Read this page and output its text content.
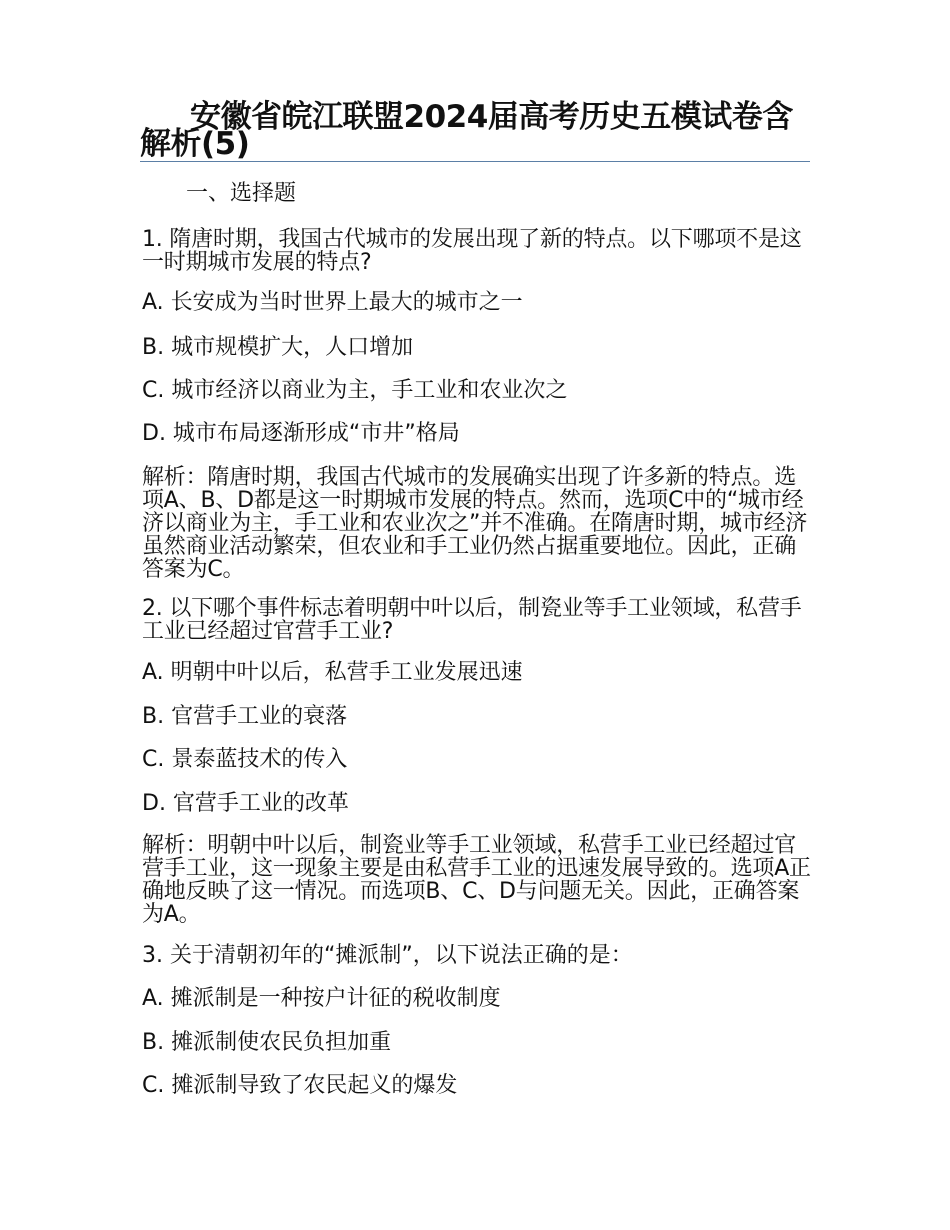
安徽省皖江联盟2024届高考历史五模试卷含解析(5)
一、选择题
1. 隋唐时期，我国古代城市的发展出现了新的特点。以下哪项不是这一时期城市发展的特点?
A. 长安成为当时世界上最大的城市之一
B. 城市规模扩大，人口增加
C. 城市经济以商业为主，手工业和农业次之
D. 城市布局逐渐形成“市井”格局
解析：隋唐时期，我国古代城市的发展确实出现了许多新的特点。选项A、B、D都是这一时期城市发展的特点。然而，选项C中的“城市经济以商业为主，手工业和农业次之”并不准确。在隋唐时期，城市经济虽然商业活动繁荣，但农业和手工业仍然占据重要地位。因此，正确答案为C。
2. 以下哪个事件标志着明朝中叶以后，制瓷业等手工业领域，私营手工业已经超过官营手工业?
A. 明朝中叶以后，私营手工业发展迅速
B. 官营手工业的衰落
C. 景泰蓝技术的传入
D. 官营手工业的改革
解析：明朝中叶以后，制瓷业等手工业领域，私营手工业已经超过官营手工业，这一现象主要是由私营手工业的迅速发展导致的。选项A正确地反映了这一情况。而选项B、C、D与问题无关。因此，正确答案为A。
3. 关于清朝初年的“摊派制”，以下说法正确的是：
A. 摊派制是一种按户计征的税收制度
B. 摊派制使农民负担加重
C. 摊派制导致了农民起义的爆发
